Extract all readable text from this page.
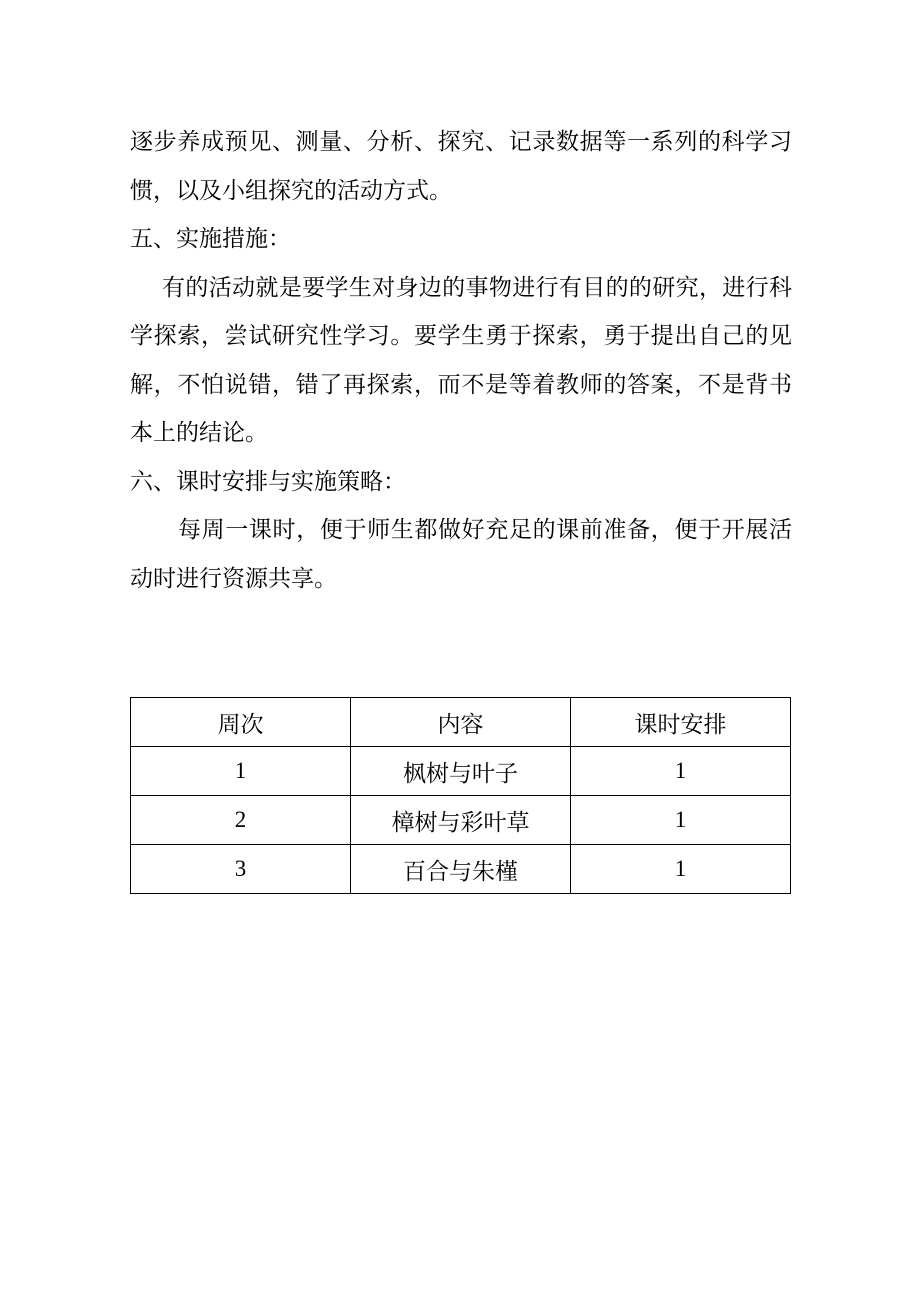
逐步养成预见、测量、分析、探究、记录数据等一系列的科学习

惯，以及小组探究的活动方式。

五、实施措施：

有的活动就是要学生对身边的事物进行有目的的研究，进行科

学探索，尝试研究性学习。要学生勇于探索，勇于提出自己的见

解，不怕说错，错了再探索，而不是等着教师的答案，不是背书

本上的结论。

六、课时安排与实施策略：

每周一课时，便于师生都做好充足的课前准备，便于开展活

动时进行资源共享。

周次	内容	课时安排
1	枫树与叶子	1
2	樟树与彩叶草	1
3	百合与朱槿	1
